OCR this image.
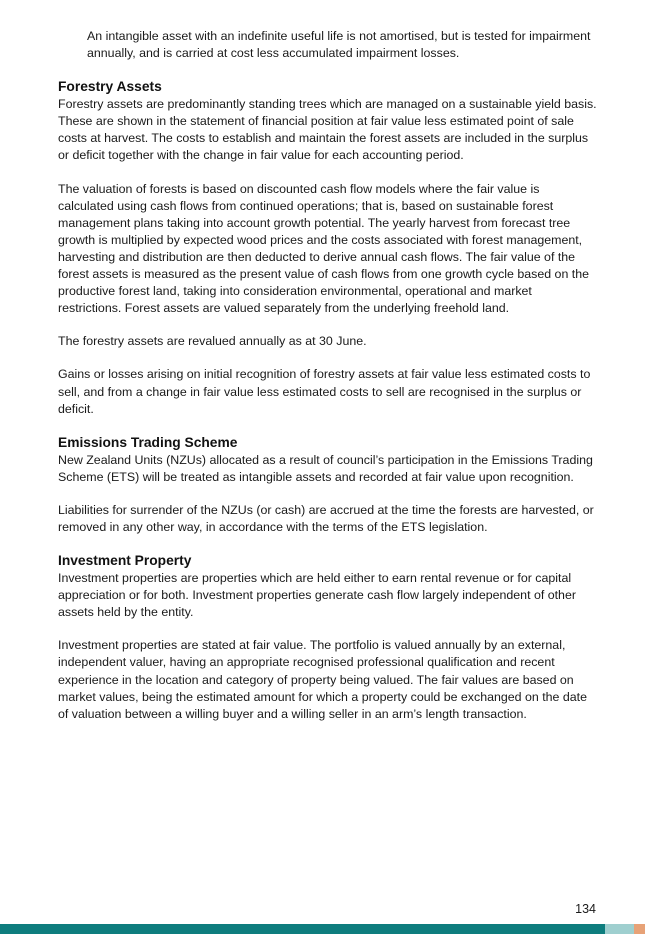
An intangible asset with an indefinite useful life is not amortised, but is tested for impairment annually, and is carried at cost less accumulated impairment losses.

Forestry Assets

Forestry assets are predominantly standing trees which are managed on a sustainable yield basis. These are shown in the statement of financial position at fair value less estimated point of sale costs at harvest. The costs to establish and maintain the forest assets are included in the surplus or deficit together with the change in fair value for each accounting period.

The valuation of forests is based on discounted cash flow models where the fair value is calculated using cash flows from continued operations; that is, based on sustainable forest management plans taking into account growth potential. The yearly harvest from forecast tree growth is multiplied by expected wood prices and the costs associated with forest management, harvesting and distribution are then deducted to derive annual cash flows. The fair value of the forest assets is measured as the present value of cash flows from one growth cycle based on the productive forest land, taking into consideration environmental, operational and market restrictions. Forest assets are valued separately from the underlying freehold land.

The forestry assets are revalued annually as at 30 June.

Gains or losses arising on initial recognition of forestry assets at fair value less estimated costs to sell, and from a change in fair value less estimated costs to sell are recognised in the surplus or deficit.

Emissions Trading Scheme

New Zealand Units (NZUs) allocated as a result of council’s participation in the Emissions Trading Scheme (ETS) will be treated as intangible assets and recorded at fair value upon recognition.

Liabilities for surrender of the NZUs (or cash) are accrued at the time the forests are harvested, or removed in any other way, in accordance with the terms of the ETS legislation.

Investment Property

Investment properties are properties which are held either to earn rental revenue or for capital appreciation or for both. Investment properties generate cash flow largely independent of other assets held by the entity.

Investment properties are stated at fair value. The portfolio is valued annually by an external, independent valuer, having an appropriate recognised professional qualification and recent experience in the location and category of property being valued. The fair values are based on market values, being the estimated amount for which a property could be exchanged on the date of valuation between a willing buyer and a willing seller in an arm’s length transaction.

134
